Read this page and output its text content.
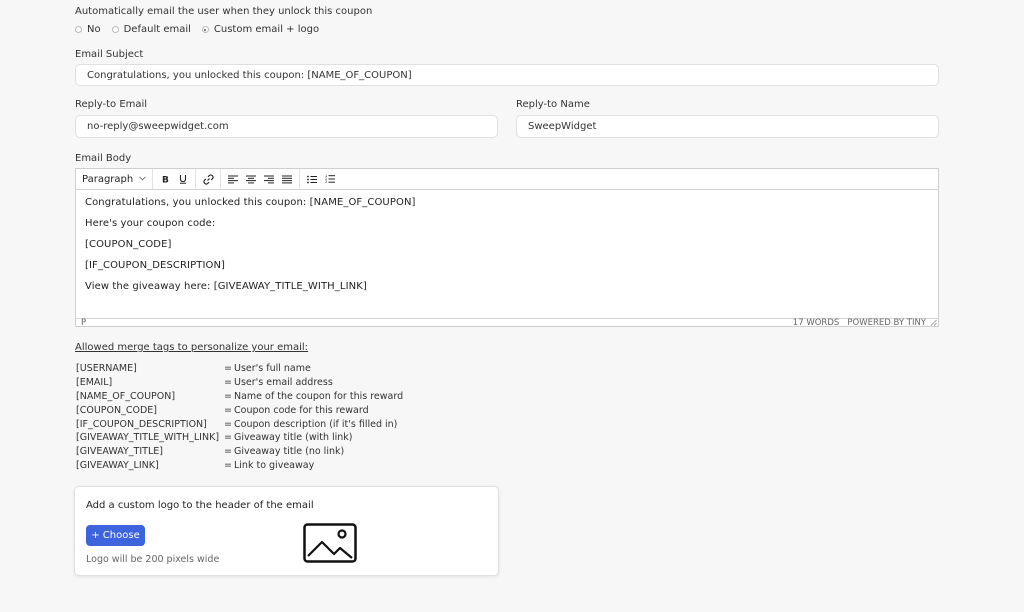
Automatically email the user when they unlock this coupon
No Default email Custom email + logo
Email Subject
Congratulations, you unlocked this coupon: [NAME_OF_COUPON]
Reply-to Email
no-reply@sweepwidget.com
Reply-to Name
SweepWidget
Email Body
Paragraph	B	1
2
3

Congratulations, you unlocked this coupon: [NAME_OF_COUPON]

Here's your coupon code:

[COUPON_CODE]

[IF_COUPON_DESCRIPTION]

View the giveaway here: [GIVEAWAY_TITLE_WITH_LINK]

P	17 WORDS POWERED BY TINY
Allowed merge tags to personalize your email:
[USERNAME]	= User's full name
[EMAIL]	= User's email address
[NAME_OF_COUPON]	= Name of the coupon for this reward
[COUPON_CODE]	= Coupon code for this reward
[IF_COUPON_DESCRIPTION]	= Coupon description (if it's filled in)
[GIVEAWAY_TITLE_WITH_LINK] = Giveaway title (with link)
[GIVEAWAY_TITLE]	= Giveaway title (no link)
[GIVEAWAY_LINK]	= Link to giveaway
Add a custom logo to the header of the email
+ Choose
Logo will be 200 pixels wide
